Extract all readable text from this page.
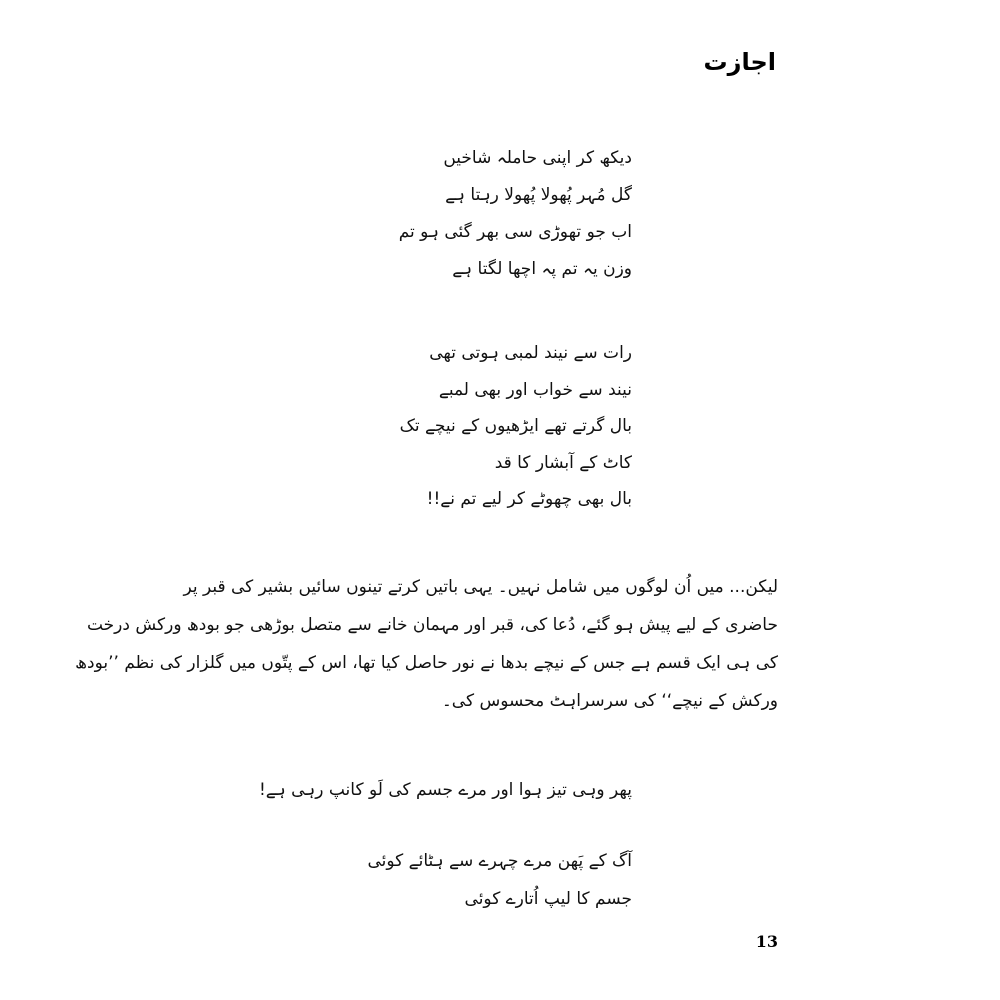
اجازت
دیکھ کر اپنی حاملہ شاخیں
گل مُہر پُھولا پُھولا رہتا ہے
اب جو تھوڑی سی بھر گئی ہو تم
وزن یہ تم پہ اچھا لگتا ہے
رات سے نیند لمبی ہوتی تھی
نیند سے خواب اور بھی لمبے
بال گرتے تھے ایڑھیوں کے نیچے تک
کاٹ کے آبشار کا قد
بال بھی چھوٹے کر لیے تم نے!!
لیکن... میں اُن لوگوں میں شامل نہیں۔ یہی باتیں کرتے تینوں سائیں بشیر کی قبر پر
حاضری کے لیے پیش ہو گئے، دُعا کی، قبر اور مہمان خانے سے متصل بوڑھی جو بودھ ورکش درخت
کی ہی ایک قسم ہے جس کے نیچے بدھا نے نور حاصل کیا تھا، اس کے پتّوں میں گلزار کی نظم ’’بودھ
ورکش کے نیچے‘‘ کی سرسراہٹ محسوس کی۔
پھر وہی تیز ہوا اور مرے جسم کی لَو کانپ رہی ہے!
آگ کے پَھن مرے چہرے سے ہٹائے کوئی
جسم کا لیپ اُتارے کوئی
13
